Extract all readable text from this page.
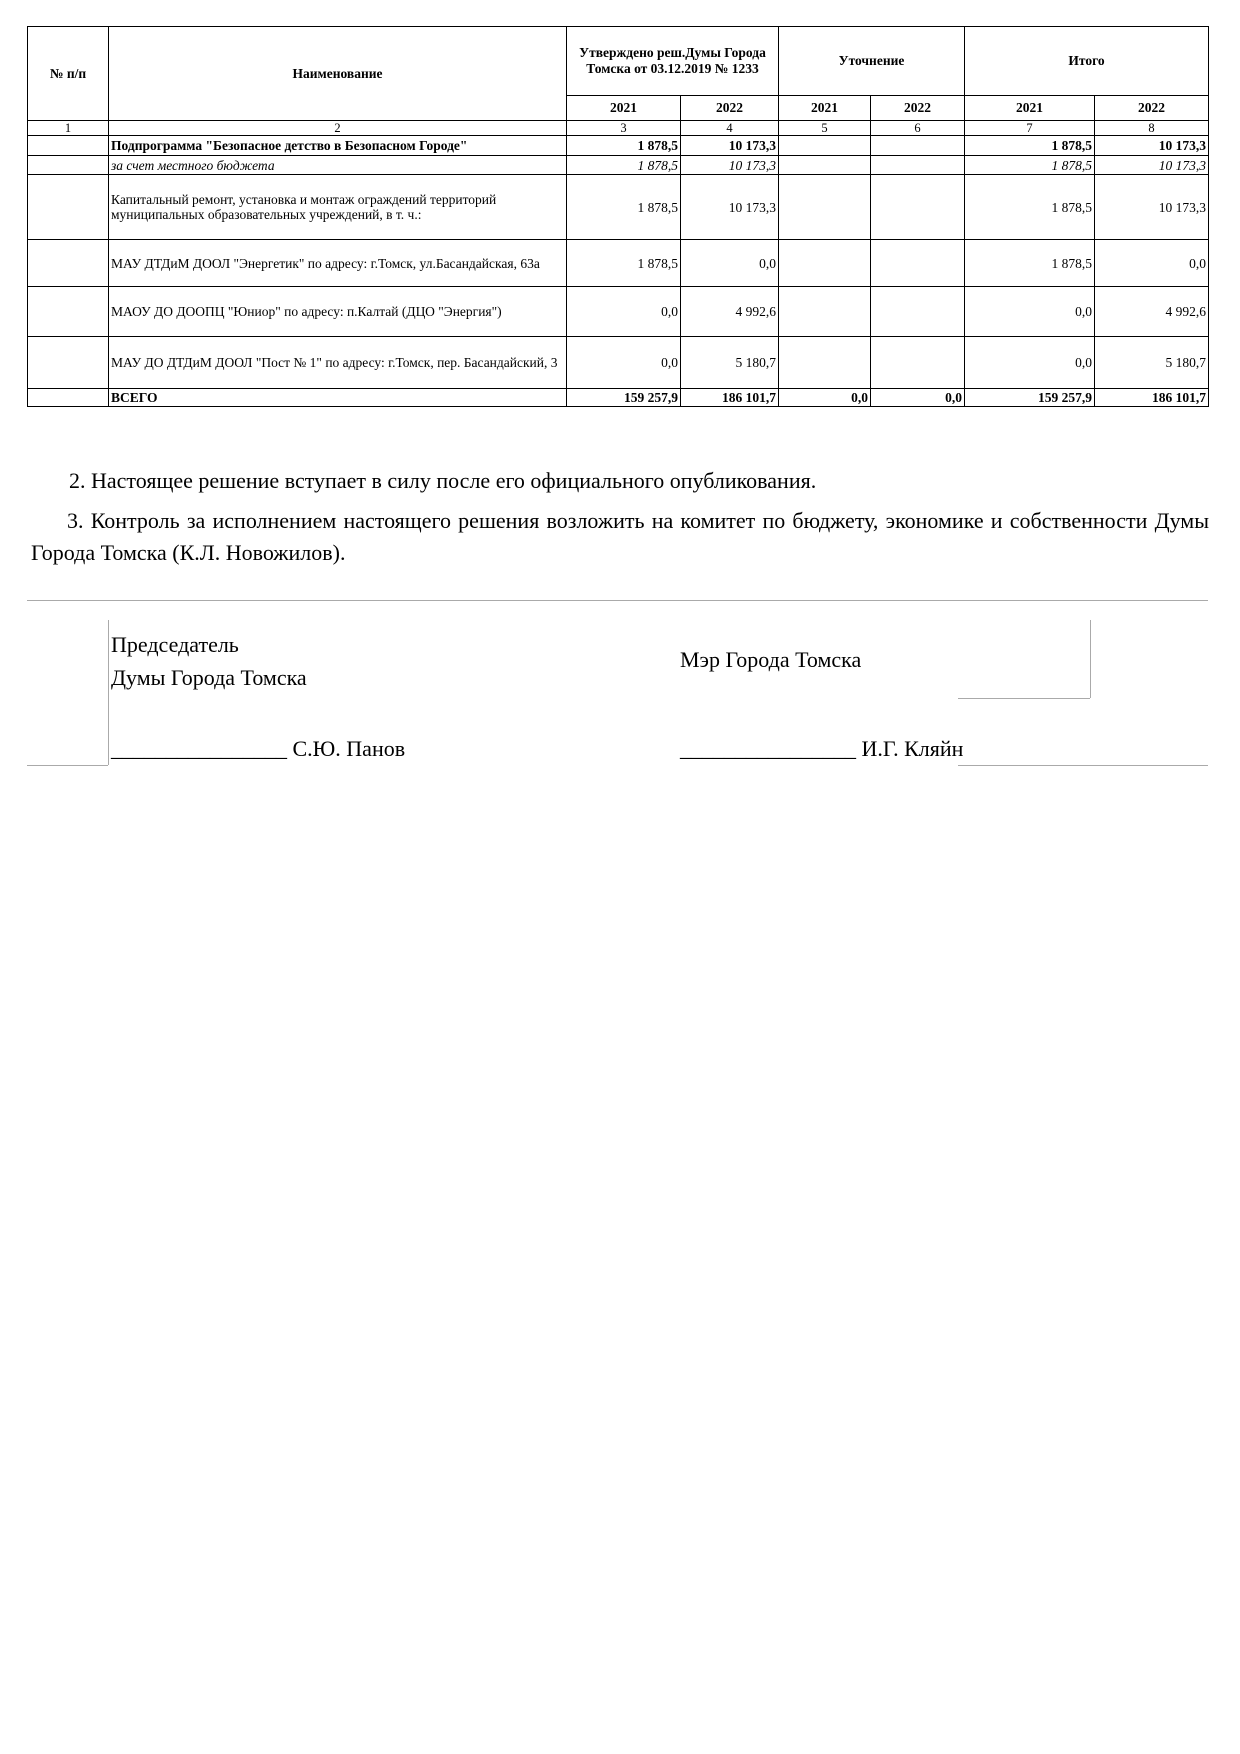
№ п/п	Наименование	Утверждено реш.Думы Города Томска от 03.12.2019 № 1233		Уточнение		Итого	
		2021	2022	2021	2022	2021	2022
1	2	3	4	5	6	7	8
	Подпрограмма "Безопасное детство в Безопасном Городе"	1 878,5	10 173,3			1 878,5	10 173,3
	за счет местного бюджета	1 878,5	10 173,3			1 878,5	10 173,3
	Капитальный ремонт, установка и монтаж ограждений территорий муниципальных образовательных учреждений, в т. ч.:	1 878,5	10 173,3			1 878,5	10 173,3
	МАУ ДТДиМ ДООЛ "Энергетик" по адресу: г.Томск, ул.Басандайская, 63а	1 878,5	0,0			1 878,5	0,0
	МАОУ ДО ДООПЦ "Юниор" по адресу: п.Калтай (ДЦО "Энергия")	0,0	4 992,6			0,0	4 992,6
	МАУ ДО ДТДиМ ДООЛ "Пост № 1" по адресу: г.Томск, пер. Басандайский, 3	0,0	5 180,7			0,0	5 180,7
	ВСЕГО	159 257,9	186 101,7	0,0	0,0	159 257,9	186 101,7
2. Настоящее решение вступает в силу после его официального опубликования.
3. Контроль за исполнением настоящего решения возложить на комитет по бюджету, экономике и собственности Думы Города Томска (К.Л. Новожилов).
Председатель
Думы Города Томска
Мэр Города Томска
________________ С.Ю. Панов	________________ И.Г. Кляйн
